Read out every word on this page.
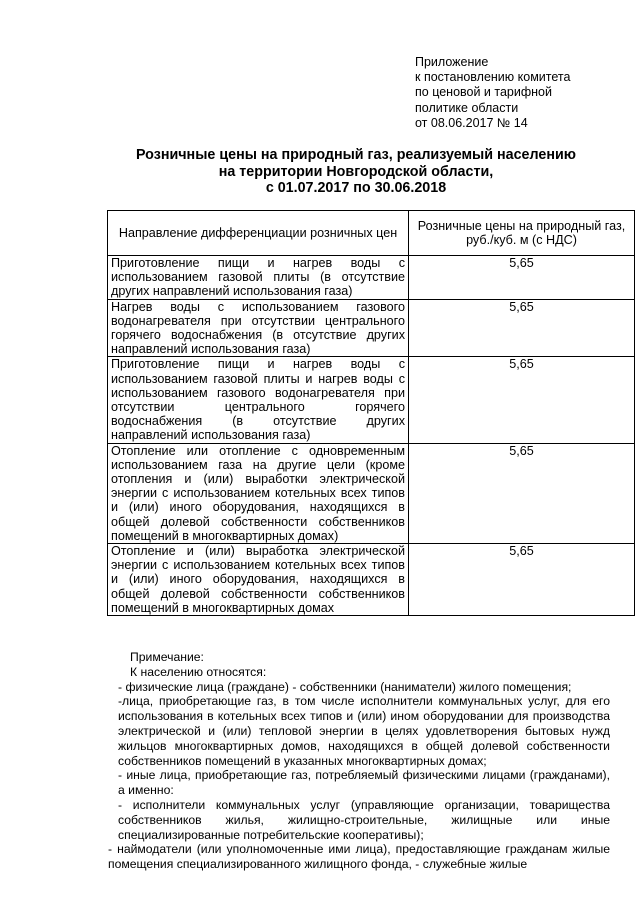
Приложение
к постановлению комитета
по ценовой и тарифной
политике области
от 08.06.2017 № 14
Розничные цены на природный газ, реализуемый населению
на территории Новгородской области,
с 01.07.2017 по 30.06.2018
Направление дифференциации розничных цен	Розничные цены на природный газ, руб./куб. м (с НДС)
Приготовление пищи и нагрев воды с использованием газовой плиты (в отсутствие других направлений использования газа)	5,65
Нагрев воды с использованием газового водонагревателя при отсутствии центрального горячего водоснабжения (в отсутствие других направлений использования газа)	5,65
Приготовление пищи и нагрев воды с использованием газовой плиты и нагрев воды с использованием газового водонагревателя при отсутствии центрального горячего водоснабжения (в отсутствие других направлений использования газа)	5,65
Отопление или отопление с одновременным использованием газа на другие цели (кроме отопления и (или) выработки электрической энергии с использованием котельных всех типов и (или) иного оборудования, находящихся в общей долевой собственности собственников помещений в многоквартирных домах)	5,65
Отопление и (или) выработка электрической энергии с использованием котельных всех типов и (или) иного оборудования, находящихся в общей долевой собственности собственников помещений в многоквартирных домах	5,65

Примечание:

К населению относятся:

- физические лица (граждане) - собственники (наниматели) жилого помещения;

-лица, приобретающие газ, в том числе исполнители коммунальных услуг, для его использования в котельных всех типов и (или) ином оборудовании для производства электрической и (или) тепловой энергии в целях удовлетворения бытовых нужд жильцов многоквартирных домов, находящихся в общей долевой собственности собственников помещений в указанных многоквартирных домах;

- иные лица, приобретающие газ, потребляемый физическими лицами (гражданами), а именно:

- исполнители коммунальных услуг (управляющие организации, товарищества собственников жилья, жилищно-строительные, жилищные или иные специализированные потребительские кооперативы);

- наймодатели (или уполномоченные ими лица), предоставляющие гражданам жилые помещения специализированного жилищного фонда, - служебные жилые
